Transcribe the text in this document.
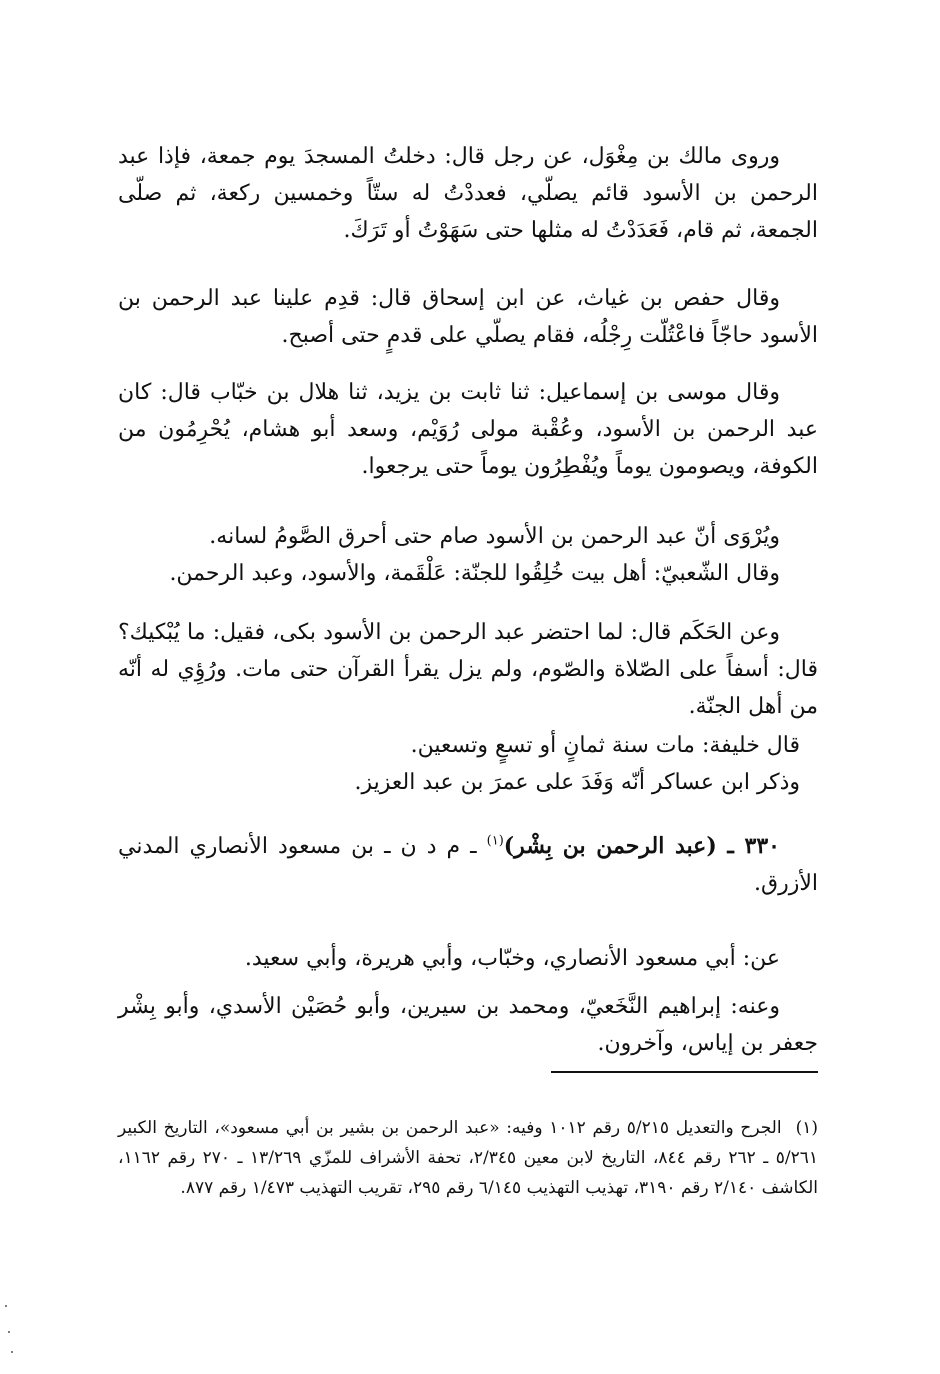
وروى مالك بن مِغْوَل، عن رجل قال: دخلتُ المسجدَ يوم جمعة، فإذا عبد الرحمن بن الأسود قائم يصلّي، فعددْتُ له ستّاً وخمسين ركعة، ثم صلّى الجمعة، ثم قام، فَعَدَدْتُ له مثلها حتى سَهَوْتُ أو تَرَكَ.

وقال حفص بن غياث، عن ابن إسحاق قال: قدِم علينا عبد الرحمن بن الأسود حاجّاً فاعْتُلّت رِجْلُه، فقام يصلّي على قدمٍ حتى أصبح.

وقال موسى بن إسماعيل: ثنا ثابت بن يزيد، ثنا هلال بن خبّاب قال: كان عبد الرحمن بن الأسود، وعُقْبة مولى رُوَيْم، وسعد أبو هشام، يُحْرِمُون من الكوفة، ويصومون يوماً ويُفْطِرُون يوماً حتى يرجعوا.

ويُرْوَى أنّ عبد الرحمن بن الأسود صام حتى أحرق الصَّومُ لسانه.

وقال الشّعبيّ: أهل بيت خُلِقُوا للجنّة: عَلْقَمة، والأسود، وعبد الرحمن.

وعن الحَكَم قال: لما احتضر عبد الرحمن بن الأسود بكى، فقيل: ما يُبْكيك؟ قال: أسفاً على الصّلاة والصّوم، ولم يزل يقرأ القرآن حتى مات. ورُؤِي له أنّه من أهل الجنّة.

قال خليفة: مات سنة ثمانٍ أو تسعٍ وتسعين.

وذكر ابن عساكر أنّه وَفَدَ على عمرَ بن عبد العزيز.

٣٣٠ ـ (عبد الرحمن بن بِشْر)$^{(١)}$ ـ م د ن ـ بن مسعود الأنصاري المدني الأزرق.

عن: أبي مسعود الأنصاري، وخبّاب، وأبي هريرة، وأبي سعيد.

وعنه: إبراهيم النَّخَعيّ، ومحمد بن سيرين، وأبو حُصَيْن الأسدي، وأبو بِشْر جعفر بن إياس، وآخرون.

(١)الجرح والتعديل ٥/٢١٥ رقم ١٠١٢ وفيه: «عبد الرحمن بن بشير بن أبي مسعود»، التاريخ الكبير ٥/٢٦١ ـ ٢٦٢ رقم ٨٤٤، التاريخ لابن معين ٢/٣٤٥، تحفة الأشراف للمزّي ١٣/٢٦٩ ـ ٢٧٠ رقم ١١٦٢، الكاشف ٢/١٤٠ رقم ٣١٩٠، تهذيب التهذيب ٦/١٤٥ رقم ٢٩٥، تقريب التهذيب ١/٤٧٣ رقم ٨٧٧.
